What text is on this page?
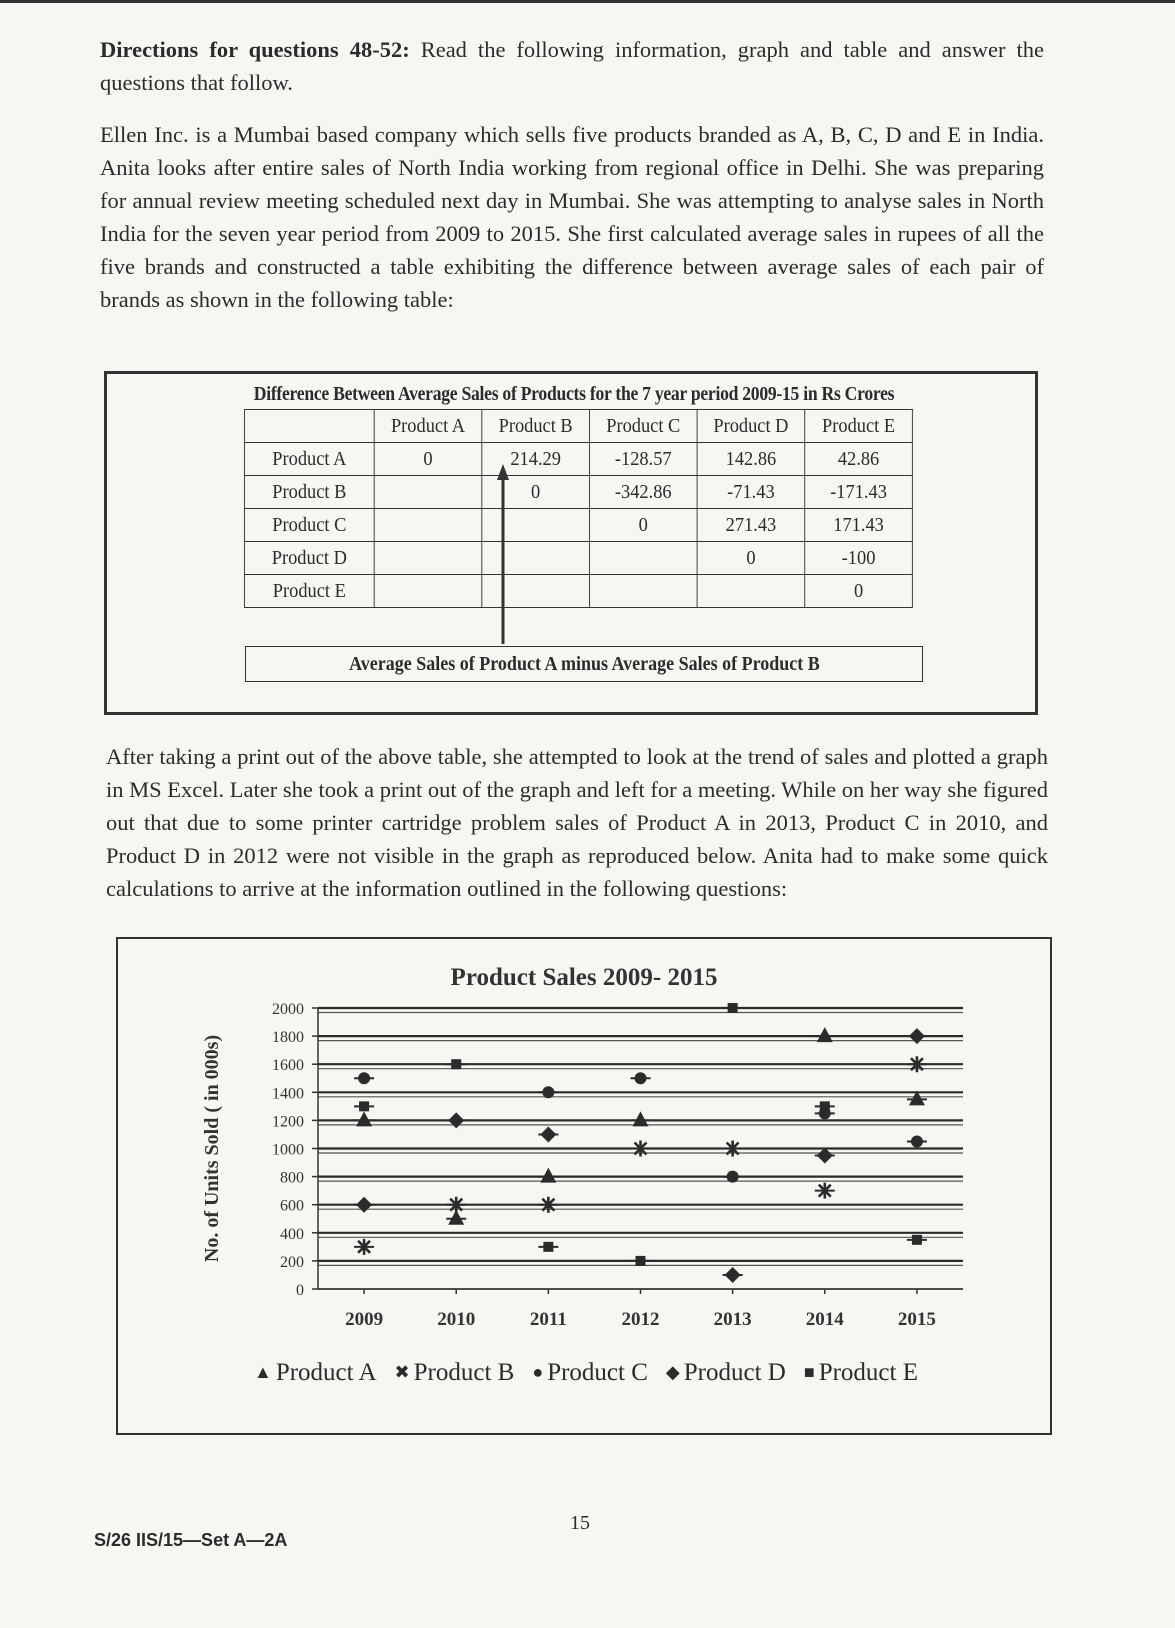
Directions for questions 48-52: Read the following information, graph and table and answer the questions that follow.

Ellen Inc. is a Mumbai based company which sells five products branded as A, B, C, D and E in India. Anita looks after entire sales of North India working from regional office in Delhi. She was preparing for annual review meeting scheduled next day in Mumbai. She was attempting to analyse sales in North India for the seven year period from 2009 to 2015. She first calculated average sales in rupees of all the five brands and constructed a table exhibiting the difference between average sales of each pair of brands as shown in the following table:

Difference Between Average Sales of Products for the 7 year period 2009-15 in Rs Crores
	Product A	Product B	Product C	Product D	Product E
Product A	0	214.29	-128.57	142.86	42.86
Product B		0	-342.86	-71.43	-171.43
Product C			0	271.43	171.43
Product D				0	-100
Product E					0
Average Sales of Product A minus Average Sales of Product B

After taking a print out of the above table, she attempted to look at the trend of sales and plotted a graph in MS Excel. Later she took a print out of the graph and left for a meeting. While on her way she figured out that due to some printer cartridge problem sales of Product A in 2013, Product C in 2010, and Product D in 2012 were not visible in the graph as reproduced below. Anita had to make some quick calculations to arrive at the information outlined in the following questions:

Product Sales 2009- 2015
No. of Units Sold ( in 000s)
0
200
400
600
800
1000
1200
1400
1600
1800
2000
2009	2010	2011	2012	2013	2014	2015
▲ Product A ✖ Product B ● Product C ◆ Product D ■ Product E
15
S/26 IIS/15—Set A—2A
